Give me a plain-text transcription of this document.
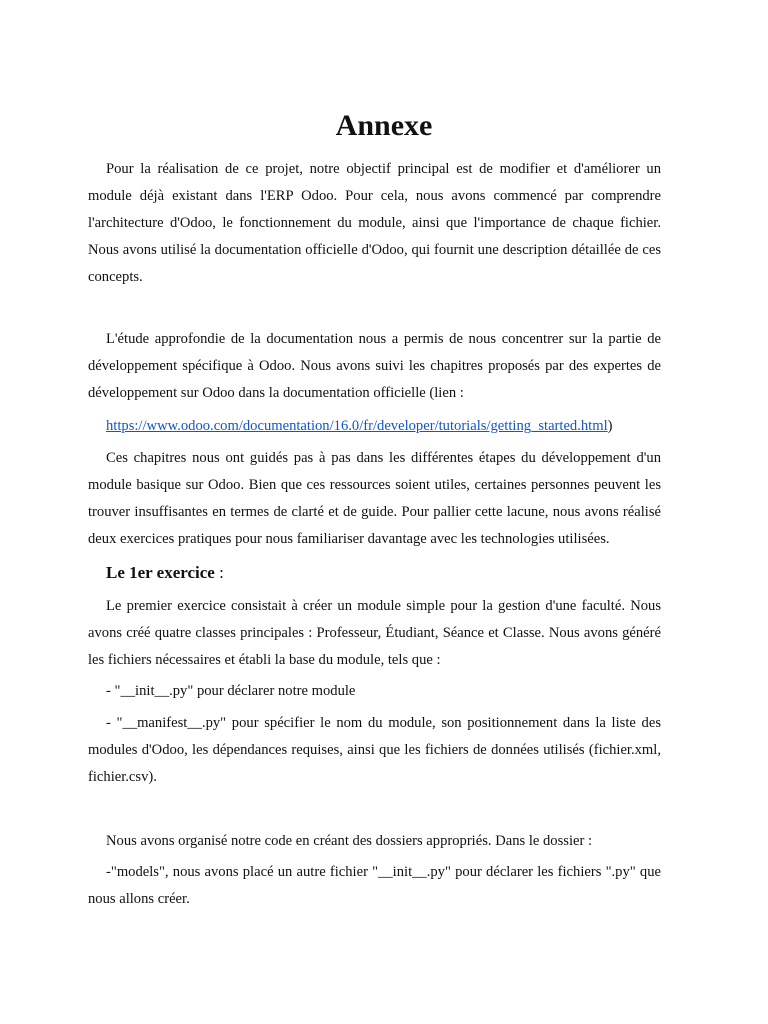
Annexe

Pour la réalisation de ce projet, notre objectif principal est de modifier et d'améliorer un module déjà existant dans l'ERP Odoo. Pour cela, nous avons commencé par comprendre l'architecture d'Odoo, le fonctionnement du module, ainsi que l'importance de chaque fichier. Nous avons utilisé la documentation officielle d'Odoo, qui fournit une description détaillée de ces concepts.

L'étude approfondie de la documentation nous a permis de nous concentrer sur la partie de développement spécifique à Odoo. Nous avons suivi les chapitres proposés par des expertes de développement sur Odoo dans la documentation officielle (lien :

https://www.odoo.com/documentation/16.0/fr/developer/tutorials/getting_started.html)

Ces chapitres nous ont guidés pas à pas dans les différentes étapes du développement d'un module basique sur Odoo. Bien que ces ressources soient utiles, certaines personnes peuvent les trouver insuffisantes en termes de clarté et de guide. Pour pallier cette lacune, nous avons réalisé deux exercices pratiques pour nous familiariser davantage avec les technologies utilisées.

Le 1er exercice :

Le premier exercice consistait à créer un module simple pour la gestion d'une faculté. Nous avons créé quatre classes principales : Professeur, Étudiant, Séance et Classe. Nous avons généré les fichiers nécessaires et établi la base du module, tels que :

- "__init__.py" pour déclarer notre module

- "__manifest__.py" pour spécifier le nom du module, son positionnement dans la liste des modules d'Odoo, les dépendances requises, ainsi que les fichiers de données utilisés (fichier.xml, fichier.csv).

Nous avons organisé notre code en créant des dossiers appropriés. Dans le dossier :

-"models", nous avons placé un autre fichier "__init__.py" pour déclarer les fichiers ".py" que nous allons créer.
